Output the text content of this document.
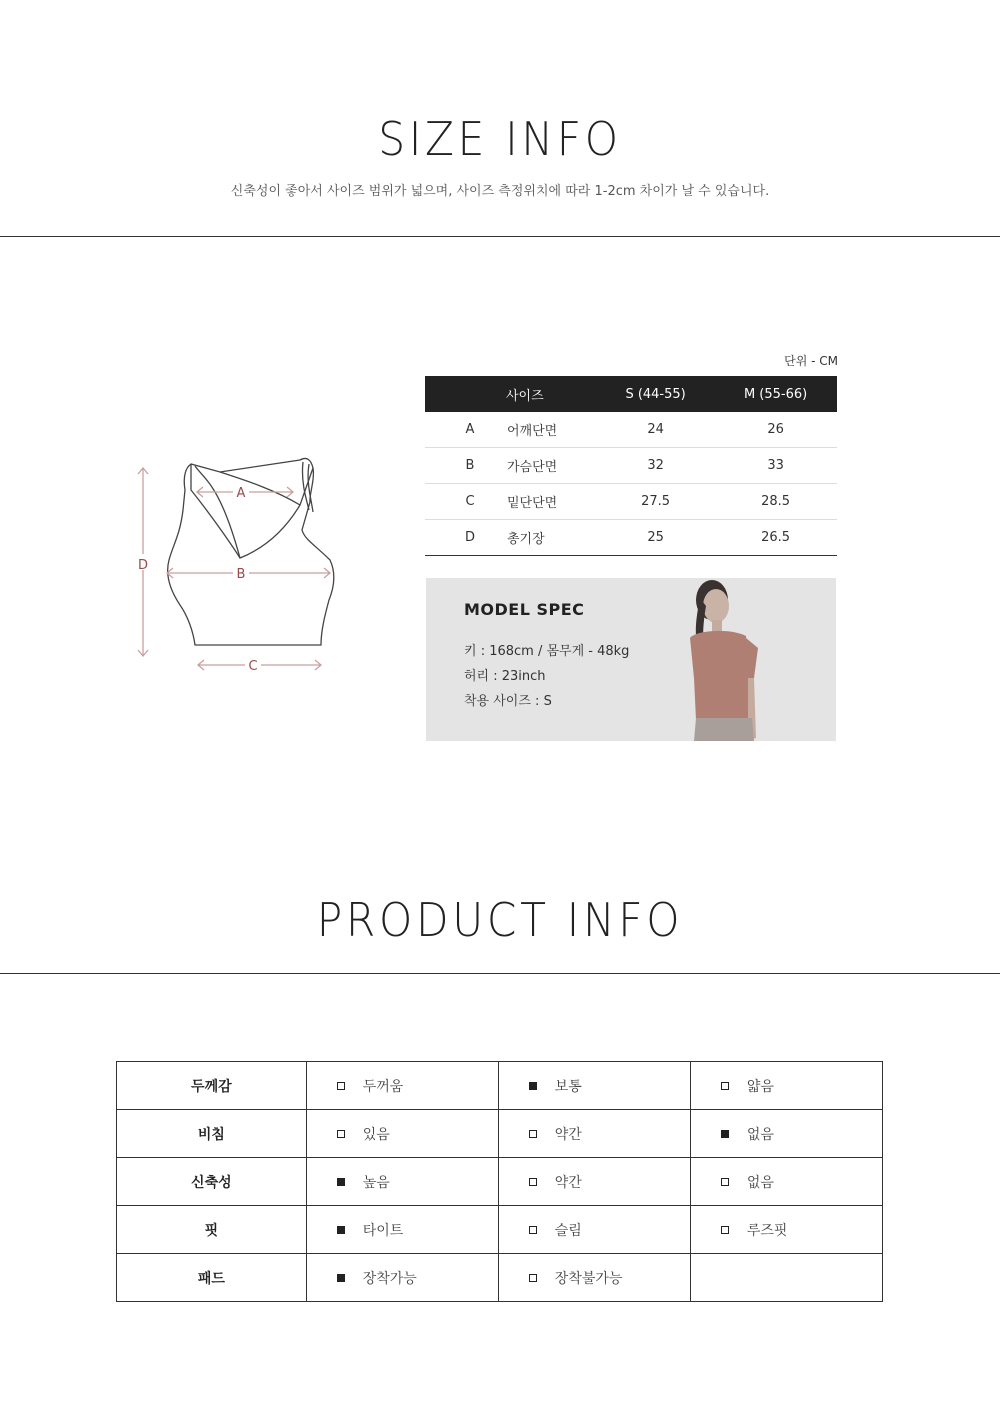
SIZE INFO
신축성이 좋아서 사이즈 범위가 넓으며, 사이즈 측정위치에 따라 1-2cm 차이가 날 수 있습니다.
A
B
C
D
단위 - CM
	사이즈	S (44-55)	M (55-66)
A	어깨단면	24	26
B	가슴단면	32	33
C	밑단단면	27.5	28.5
D	총기장	25	26.5
MODEL SPEC
키 : 168cm / 몸무게 - 48kg
허리 : 23inch
착용 사이즈 : S
PRODUCT INFO
두께감	두꺼움	보통	얇음

비침	있음	약간	없음

신축성	높음	약간	없음

핏	타이트	슬림	루즈핏

패드	장착가능	장착불가능	
